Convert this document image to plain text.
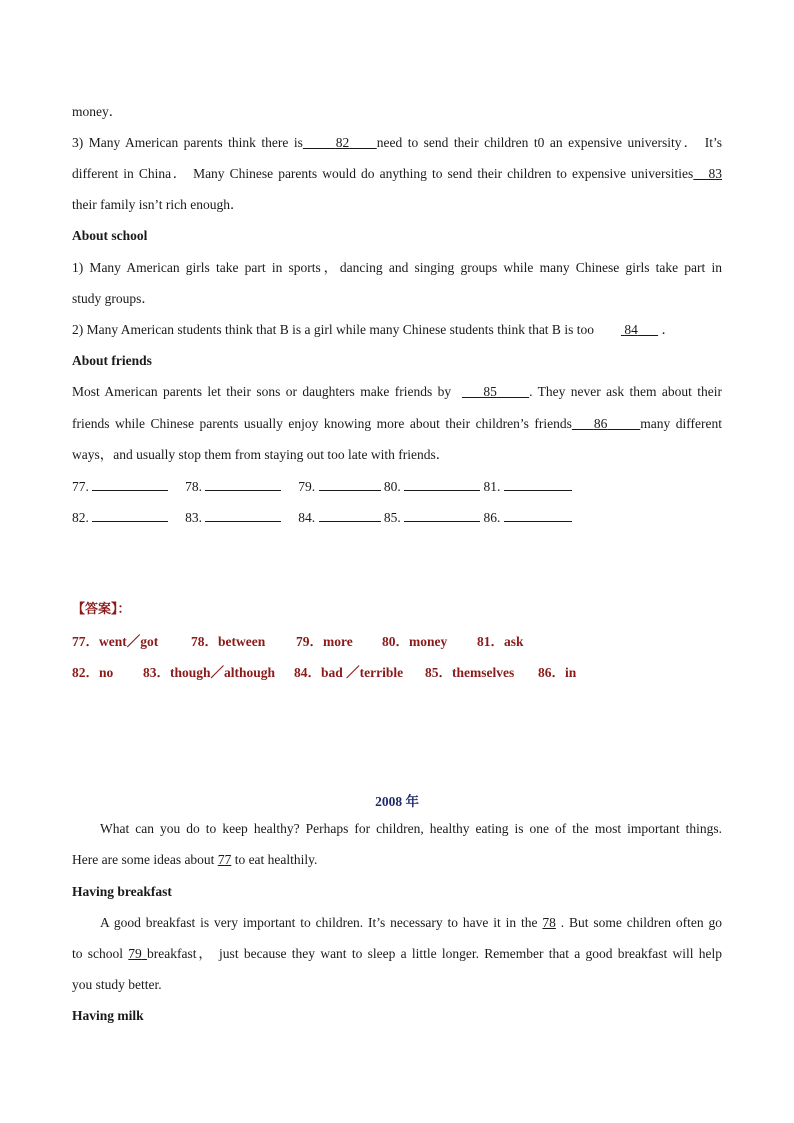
money．
3) Many American parents think there is 82 need to send their children t0 an expensive university． It’s
different in China． Many Chinese parents would do anything to send their children to expensive universities 83
their family isn’t rich enough．
About school
1) Many American girls take part in sports，dancing and singing groups while many Chinese girls take part in
study groups．
2) Many American students think that B is a girl while many Chinese students think that B is too 84 ．
About friends
Most American parents let their sons or daughters make friends by 85 . They never ask them about their
friends while Chinese parents usually enjoy knowing more about their children’s friends 86 many different
ways，and usually stop them from staying out too late with friends．
77.	78.	79.	80.	81.
82.	83.	84.	85.	86.
【答案】：
77．went／got 78．between 79．more 80．money 81．ask
82．no 83．though／although 84．bad ／terrible 85．themselves 86．in
2008 年
What can you do to keep healthy? Perhaps for children, healthy eating is one of the most important things.
Here are some ideas about 77 to eat healthily.
Having breakfast
A good breakfast is very important to children. It’s necessary to have it in the 78 . But some children often go
to school 79 breakfast， just because they want to sleep a little longer. Remember that a good breakfast will help
you study better.
Having milk
